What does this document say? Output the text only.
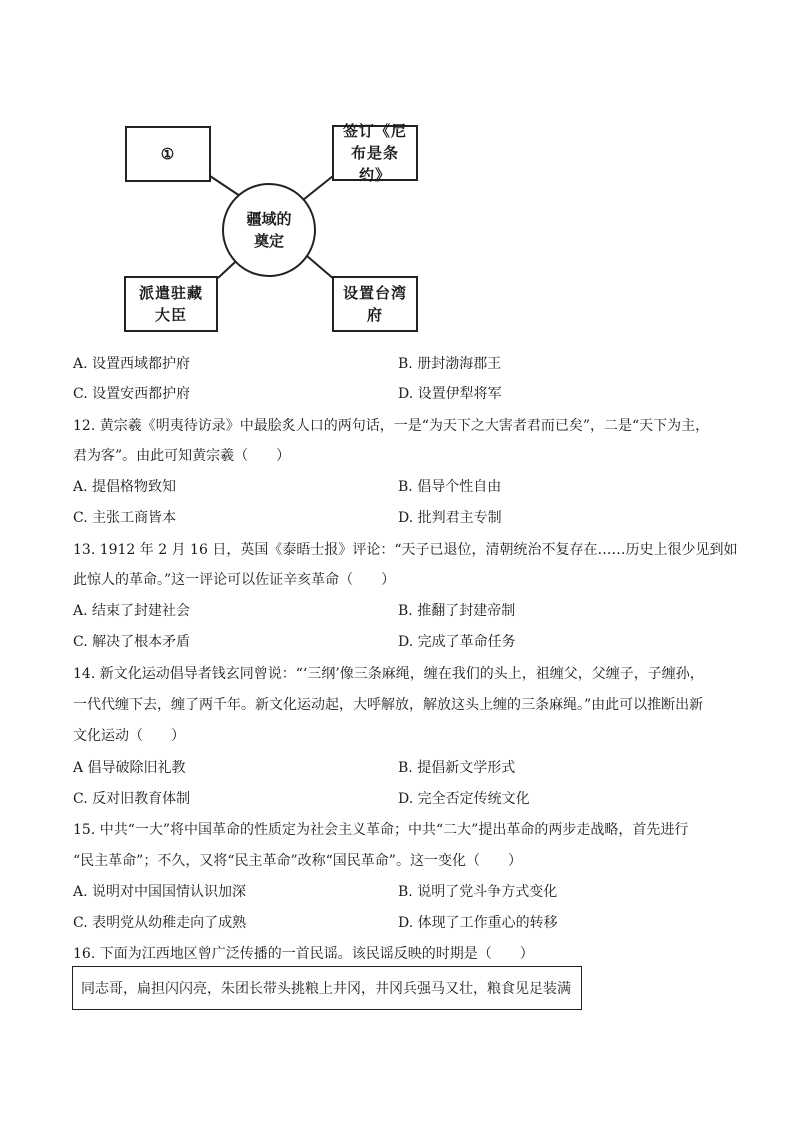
①
签订《尼布是条约》
疆域的奠定
派遣驻藏大臣
设置台湾府
A. 设置西域都护府	B. 册封渤海郡王
C. 设置安西都护府	D. 设置伊犁将军
12. 黄宗羲《明夷待访录》中最脍炙人口的两句话，一是“为天下之大害者君而已矣”，二是“天下为主，
君为客”。由此可知黄宗羲（　　）
A. 提倡格物致知	B. 倡导个性自由
C. 主张工商皆本	D. 批判君主专制
13. 1912 年 2 月 16 日，英国《泰晤士报》评论：“天子已退位，清朝统治不复存在……历史上很少见到如
此惊人的革命。”这一评论可以佐证辛亥革命（　　）
A. 结束了封建社会	B. 推翻了封建帝制
C. 解决了根本矛盾	D. 完成了革命任务
14. 新文化运动倡导者钱玄同曾说：“‘三纲’像三条麻绳，缠在我们的头上，祖缠父，父缠子，子缠孙，
一代代缠下去，缠了两千年。新文化运动起，大呼解放，解放这头上缠的三条麻绳。”由此可以推断出新
文化运动（　　）
A 倡导破除旧礼教	B. 提倡新文学形式
C. 反对旧教育体制	D. 完全否定传统文化
15. 中共“一大”将中国革命的性质定为社会主义革命；中共“二大”提出革命的两步走战略，首先进行
“民主革命”；不久，又将“民主革命”改称“国民革命”。这一变化（　　）
A. 说明对中国国情认识加深	B. 说明了党斗争方式变化
C. 表明党从幼稚走向了成熟	D. 体现了工作重心的转移
16. 下面为江西地区曾广泛传播的一首民谣。该民谣反映的时期是（　　）
同志哥，扁担闪闪亮，朱团长带头挑粮上井冈，井冈兵强马又壮，粮食见足装满
